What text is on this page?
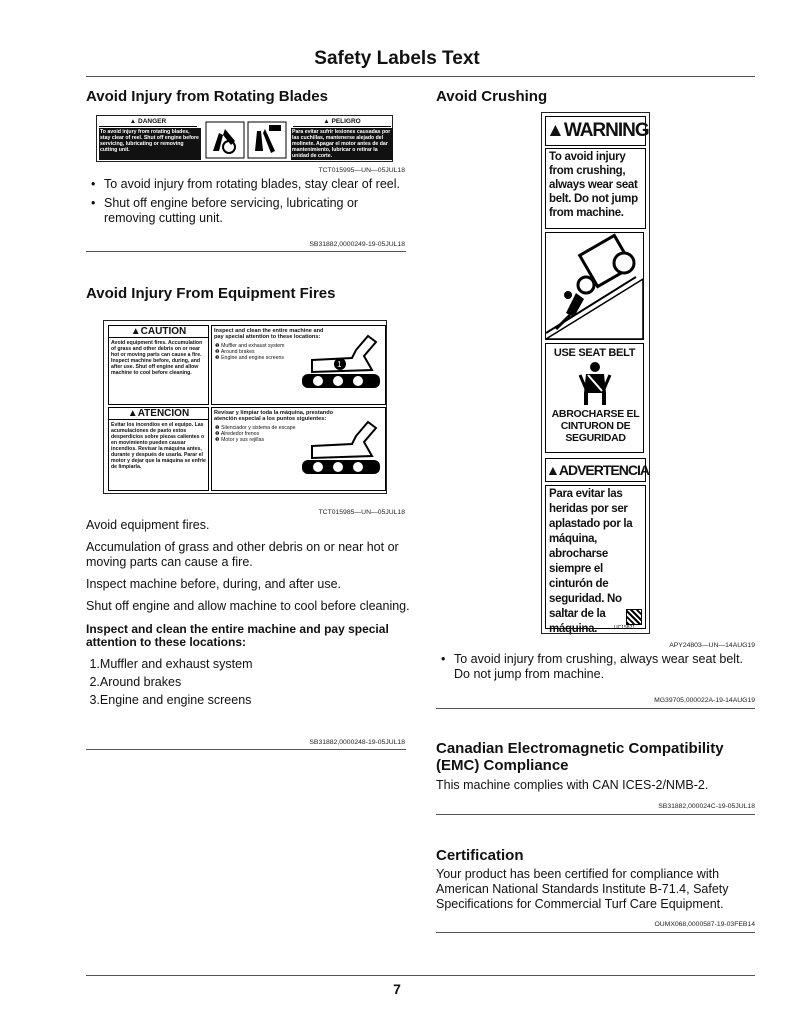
Safety Labels Text
Avoid Injury from Rotating Blades
▲ DANGER	▲ PELIGRO
To avoid injury from rotating blades, stay clear of reel. Shut off engine before servicing, lubricating or removing cutting unit.
Para evitar sufrir lesiones causadas por las cuchillas, mantenerse alejado del molinete. Apagar el motor antes de dar mantenimiento, lubricar o retirar la unidad de corte.
TCT015995—UN—05JUL18
• To avoid injury from rotating blades, stay clear of reel.
• Shut off engine before servicing, lubricating or removing cutting unit.
SB31882,0000249-19-05JUL18
Avoid Injury From Equipment Fires
▲CAUTION
Avoid equipment fires. Accumulation of grass and other debris on or near hot or moving parts can cause a fire. Inspect machine before, during, and after use. Shut off engine and allow machine to cool before cleaning.
Inspect and clean the entire machine and pay special attention to these locations:
❶ Muffler and exhaust system
❷ Around brakes
❸ Engine and engine screens
1
▲ATENCION
Evitar los incendios en el equipo. Las acumulaciones de pasto estos desperdicios sobre piezas calientes o en movimiento pueden causar incendios. Revisar la máquina antes, durante y después de usarla. Parar el motor y dejar que la máquina se enfríe de limpiarla.
Revisar y limpiar toda la máquina, prestando atención especial a los puntos siguientes:
❶ Silenciador y sistema de escape
❷ Alrededor frenos
❸ Motor y sus rejillas
TCT015985—UN—05JUL18
Avoid equipment fires.
Accumulation of grass and other debris on or near hot or moving parts can cause a fire.
Inspect machine before, during, and after use.
Shut off engine and allow machine to cool before cleaning.
Inspect and clean the entire machine and pay special attention to these locations:
1.Muffler and exhaust system
2.Around brakes
3.Engine and engine screens
SB31882,0000248-19-05JUL18
Avoid Crushing
▲WARNING
To avoid injury from crushing, always wear seat belt. Do not jump from machine.
USE SEAT BELT
ABROCHARSE EL CINTURON DE SEGURIDAD
▲ADVERTENCIA
Para evitar las heridas por ser aplastado por la máquina, abrocharse siempre el cinturón de seguridad. No saltar de la máquina.	UC15821
APY24803—UN—14AUG19
• To avoid injury from crushing, always wear seat belt. Do not jump from machine.
MG39705,000022A-19-14AUG19
Canadian Electromagnetic Compatibility (EMC) Compliance
This machine complies with CAN ICES-2/NMB-2.
SB31882,000024C-19-05JUL18
Certification
Your product has been certified for compliance with American National Standards Institute B-71.4, Safety Specifications for Commercial Turf Care Equipment.
OUMX068,0000587-19-03FEB14
7
